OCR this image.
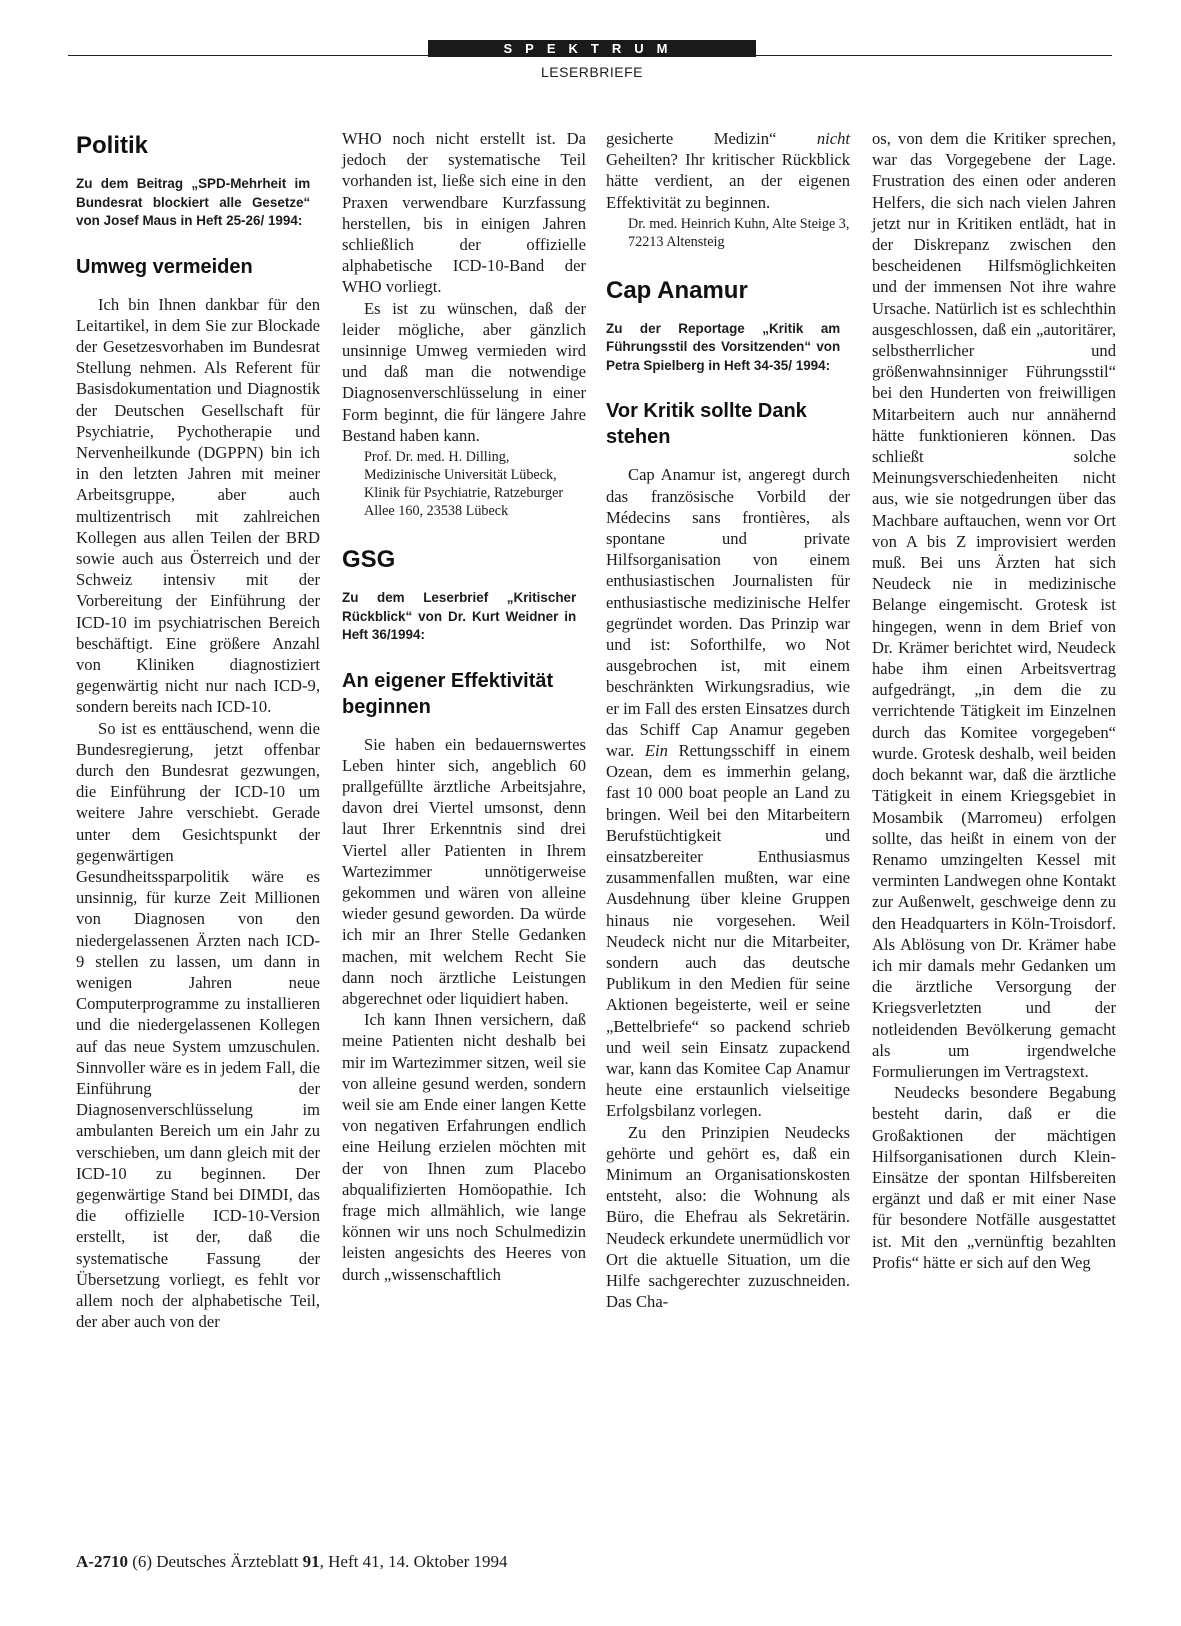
SPEKTRUM
LESERBRIEFE
Politik
Zu dem Beitrag „SPD-Mehrheit im Bundesrat blockiert alle Gesetze“ von Josef Maus in Heft 25-26/ 1994:
Umweg vermeiden

Ich bin Ihnen dankbar für den Leitartikel, in dem Sie zur Blockade der Gesetzesvorhaben im Bundesrat Stellung nehmen. Als Referent für Basisdokumentation und Diagnostik der Deutschen Gesellschaft für Psychiatrie, Pychotherapie und Nervenheilkunde (DGPPN) bin ich in den letzten Jahren mit meiner Arbeitsgruppe, aber auch multizentrisch mit zahlreichen Kollegen aus allen Teilen der BRD sowie auch aus Österreich und der Schweiz intensiv mit der Vorbereitung der Einführung der ICD-10 im psychiatrischen Bereich beschäftigt. Eine größere Anzahl von Kliniken diagnostiziert gegenwärtig nicht nur nach ICD-9, sondern bereits nach ICD-10.

So ist es enttäuschend, wenn die Bundesregierung, jetzt offenbar durch den Bundesrat gezwungen, die Einführung der ICD-10 um weitere Jahre verschiebt. Gerade unter dem Gesichtspunkt der gegenwärtigen Gesundheitssparpolitik wäre es unsinnig, für kurze Zeit Millionen von Diagnosen von den niedergelassenen Ärzten nach ICD-9 stellen zu lassen, um dann in wenigen Jahren neue Computerprogramme zu installieren und die niedergelassenen Kollegen auf das neue System umzuschulen. Sinnvoller wäre es in jedem Fall, die Einführung der Diagnosenverschlüsselung im ambulanten Bereich um ein Jahr zu verschieben, um dann gleich mit der ICD-10 zu beginnen. Der gegenwärtige Stand bei DIMDI, das die offizielle ICD-10-Version erstellt, ist der, daß die systematische Fassung der Übersetzung vorliegt, es fehlt vor allem noch der alphabetische Teil, der aber auch von der

WHO noch nicht erstellt ist. Da jedoch der systematische Teil vorhanden ist, ließe sich eine in den Praxen verwendbare Kurzfassung herstellen, bis in einigen Jahren schließlich der offizielle alphabetische ICD-10-Band der WHO vorliegt.

Es ist zu wünschen, daß der leider mögliche, aber gänzlich unsinnige Umweg vermieden wird und daß man die notwendige Diagnosenverschlüsselung in einer Form beginnt, die für längere Jahre Bestand haben kann.

Prof. Dr. med. H. Dilling, Medizinische Universität Lübeck, Klinik für Psychiatrie, Ratzeburger Allee 160, 23538 Lübeck
GSG
Zu dem Leserbrief „Kritischer Rückblick“ von Dr. Kurt Weidner in Heft 36/1994:
An eigener Effektivität beginnen

Sie haben ein bedauernswertes Leben hinter sich, angeblich 60 prallgefüllte ärztliche Arbeitsjahre, davon drei Viertel umsonst, denn laut Ihrer Erkenntnis sind drei Viertel aller Patienten in Ihrem Wartezimmer unnötigerweise gekommen und wären von alleine wieder gesund geworden. Da würde ich mir an Ihrer Stelle Gedanken machen, mit welchem Recht Sie dann noch ärztliche Leistungen abgerechnet oder liquidiert haben.

Ich kann Ihnen versichern, daß meine Patienten nicht deshalb bei mir im Wartezimmer sitzen, weil sie von alleine gesund werden, sondern weil sie am Ende einer langen Kette von negativen Erfahrungen endlich eine Heilung erzielen möchten mit der von Ihnen zum Placebo abqualifizierten Homöopathie. Ich frage mich allmählich, wie lange können wir uns noch Schulmedizin leisten angesichts des Heeres von durch „wissenschaftlich

gesicherte Medizin“ nicht Geheilten? Ihr kritischer Rückblick hätte verdient, an der eigenen Effektivität zu beginnen.

Dr. med. Heinrich Kuhn, Alte Steige 3, 72213 Altensteig
Cap Anamur
Zu der Reportage „Kritik am Führungsstil des Vorsitzenden“ von Petra Spielberg in Heft 34-35/ 1994:
Vor Kritik sollte Dank stehen

Cap Anamur ist, angeregt durch das französische Vorbild der Médecins sans frontières, als spontane und private Hilfsorganisation von einem enthusiastischen Journalisten für enthusiastische medizinische Helfer gegründet worden. Das Prinzip war und ist: Soforthilfe, wo Not ausgebrochen ist, mit einem beschränkten Wirkungsradius, wie er im Fall des ersten Einsatzes durch das Schiff Cap Anamur gegeben war. Ein Rettungsschiff in einem Ozean, dem es immerhin gelang, fast 10 000 boat people an Land zu bringen. Weil bei den Mitarbeitern Berufstüchtigkeit und einsatzbereiter Enthusiasmus zusammenfallen mußten, war eine Ausdehnung über kleine Gruppen hinaus nie vorgesehen. Weil Neudeck nicht nur die Mitarbeiter, sondern auch das deutsche Publikum in den Medien für seine Aktionen begeisterte, weil er seine „Bettelbriefe“ so packend schrieb und weil sein Einsatz zupackend war, kann das Komitee Cap Anamur heute eine erstaunlich vielseitige Erfolgsbilanz vorlegen.

Zu den Prinzipien Neudecks gehörte und gehört es, daß ein Minimum an Organisationskosten entsteht, also: die Wohnung als Büro, die Ehefrau als Sekretärin. Neudeck erkundete unermüdlich vor Ort die aktuelle Situation, um die Hilfe sachgerechter zuzuschneiden. Das Cha-

os, von dem die Kritiker sprechen, war das Vorgegebene der Lage. Frustration des einen oder anderen Helfers, die sich nach vielen Jahren jetzt nur in Kritiken entlädt, hat in der Diskrepanz zwischen den bescheidenen Hilfsmöglichkeiten und der immensen Not ihre wahre Ursache. Natürlich ist es schlechthin ausgeschlossen, daß ein „autoritärer, selbstherrlicher und größenwahnsinniger Führungsstil“ bei den Hunderten von freiwilligen Mitarbeitern auch nur annähernd hätte funktionieren können. Das schließt solche Meinungsverschiedenheiten nicht aus, wie sie notgedrungen über das Machbare auftauchen, wenn vor Ort von A bis Z improvisiert werden muß. Bei uns Ärzten hat sich Neudeck nie in medizinische Belange eingemischt. Grotesk ist hingegen, wenn in dem Brief von Dr. Krämer berichtet wird, Neudeck habe ihm einen Arbeitsvertrag aufgedrängt, „in dem die zu verrichtende Tätigkeit im Einzelnen durch das Komitee vorgegeben“ wurde. Grotesk deshalb, weil beiden doch bekannt war, daß die ärztliche Tätigkeit in einem Kriegsgebiet in Mosambik (Marromeu) erfolgen sollte, das heißt in einem von der Renamo umzingelten Kessel mit verminten Landwegen ohne Kontakt zur Außenwelt, geschweige denn zu den Headquarters in Köln-Troisdorf. Als Ablösung von Dr. Krämer habe ich mir damals mehr Gedanken um die ärztliche Versorgung der Kriegsverletzten und der notleidenden Bevölkerung gemacht als um irgendwelche Formulierungen im Vertragstext.

Neudecks besondere Begabung besteht darin, daß er die Großaktionen der mächtigen Hilfsorganisationen durch Klein-Einsätze der spontan Hilfsbereiten ergänzt und daß er mit einer Nase für besondere Notfälle ausgestattet ist. Mit den „vernünftig bezahlten Profis“ hätte er sich auf den Weg

A-2710 (6) Deutsches Ärzteblatt 91, Heft 41, 14. Oktober 1994
